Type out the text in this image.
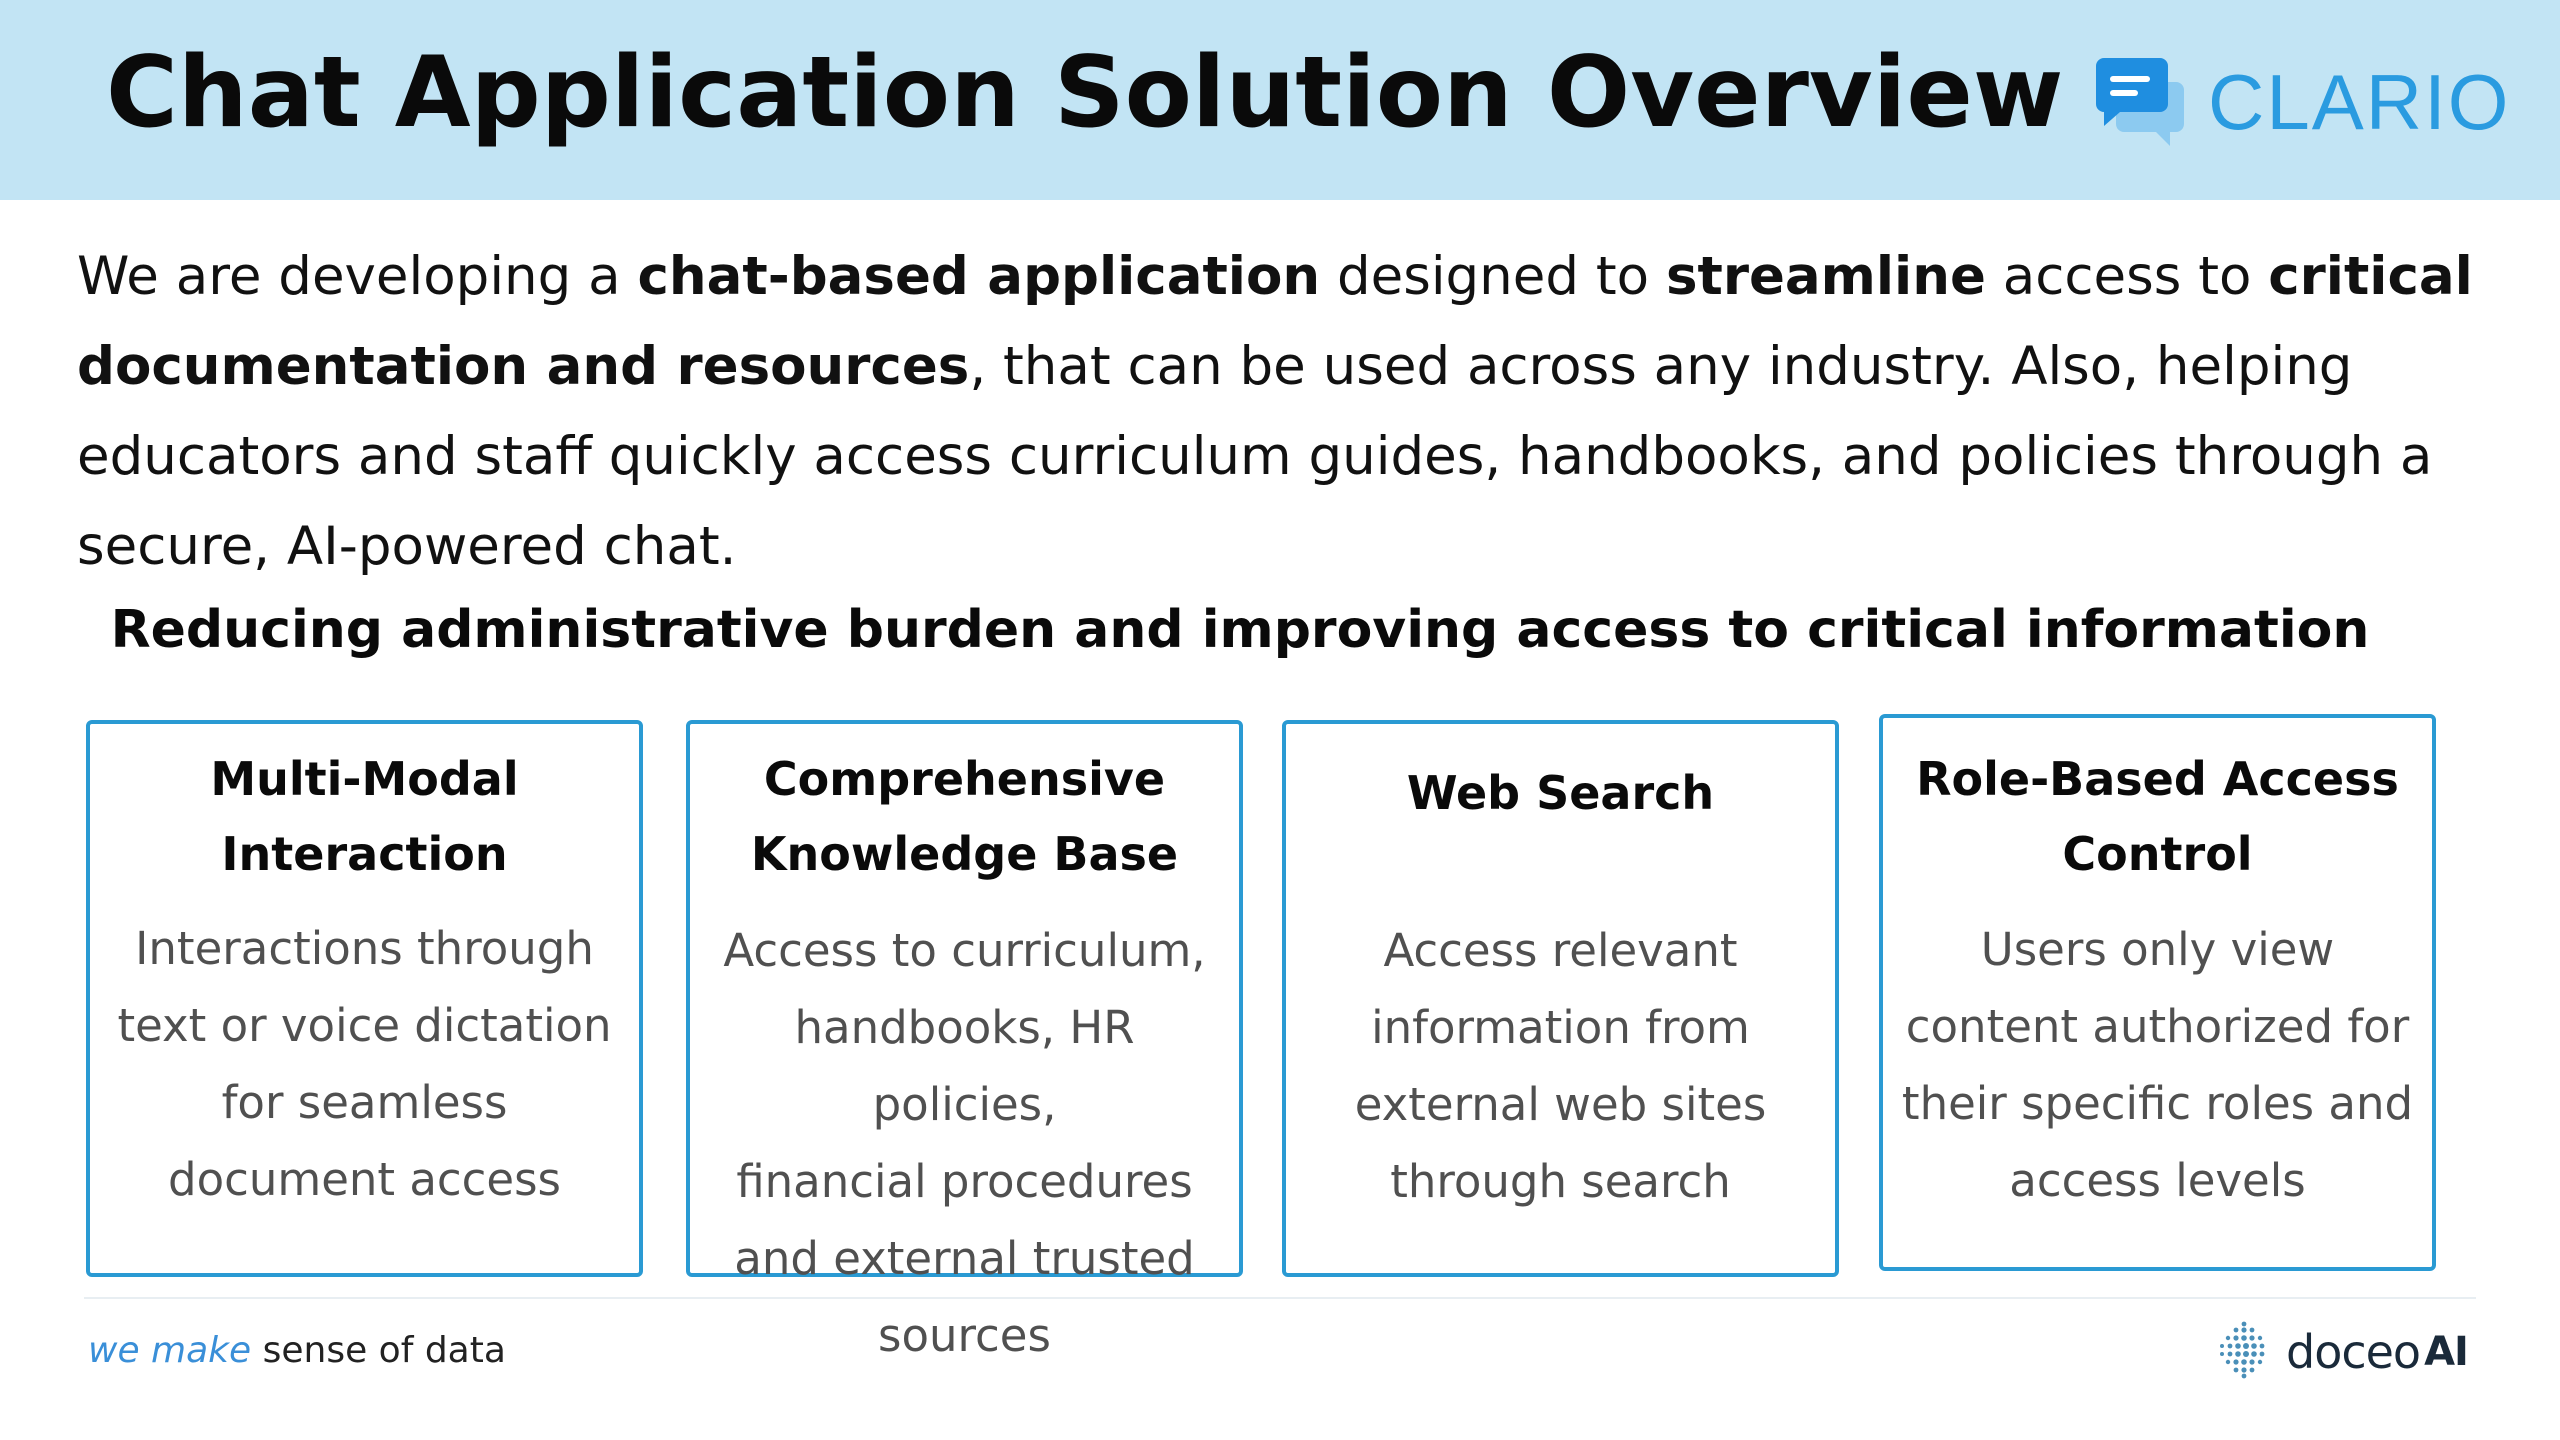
Chat Application Solution Overview CLARIO
We are developing a chat-based application designed to streamline access to critical documentation and resources, that can be used across any industry. Also, helping educators and staff quickly access curriculum guides, handbooks, and policies through a secure, AI-powered chat.
Reducing administrative burden and improving access to critical information
Multi-Modal
Interaction
Interactions through
text or voice dictation
for seamless
document access
Comprehensive
Knowledge Base
Access to curriculum,
handbooks, HR policies,
financial procedures
and external trusted
sources
Web Search
Access relevant
information from
external web sites
through search
Role-Based Access
Control
Users only view
content authorized for
their specific roles and
access levels
we make sense of data	doceo AI
